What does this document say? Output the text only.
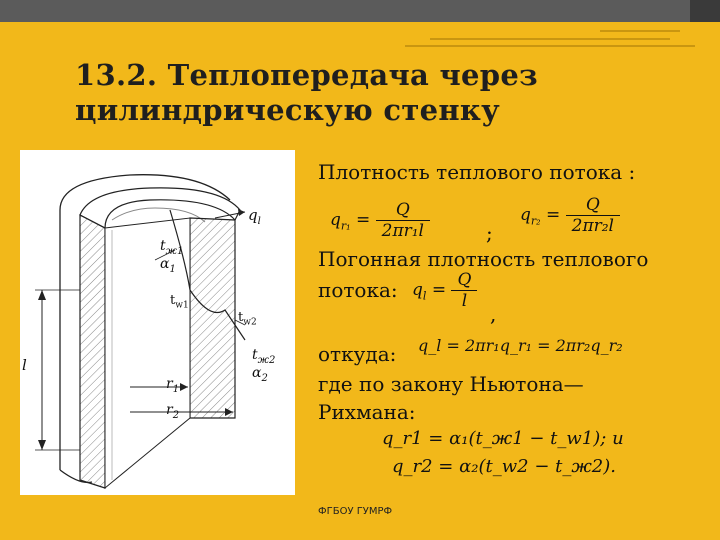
13.2. Теплопередача через
цилиндрическую стенку
$q_l$
$t_{ж1}$
$\alpha_1$
$t_{w1}$
$t_{w2}$
$t_{ж2}$
$\alpha_2$
$r_1$
$r_2$
l
Плотность теплового потока :
$q_{r_1} = \frac{Q}{\text{2πr₁l}}$	;
$q_{r_2} = \frac{Q}{\text{2πr₂l}}$
Погонная плотность теплового
потока: $q_l = \frac{Q}{l}$
,
откуда: q_l = 2πr₁q_r₁ = 2πr₂q_r₂
где по закону Ньютона—
Рихмана:
q_r1 = α₁(t_ж1 − t_w1); и
q_r2 = α₂(t_w2 − t_ж2).
ФГБОУ ГУМРФ
